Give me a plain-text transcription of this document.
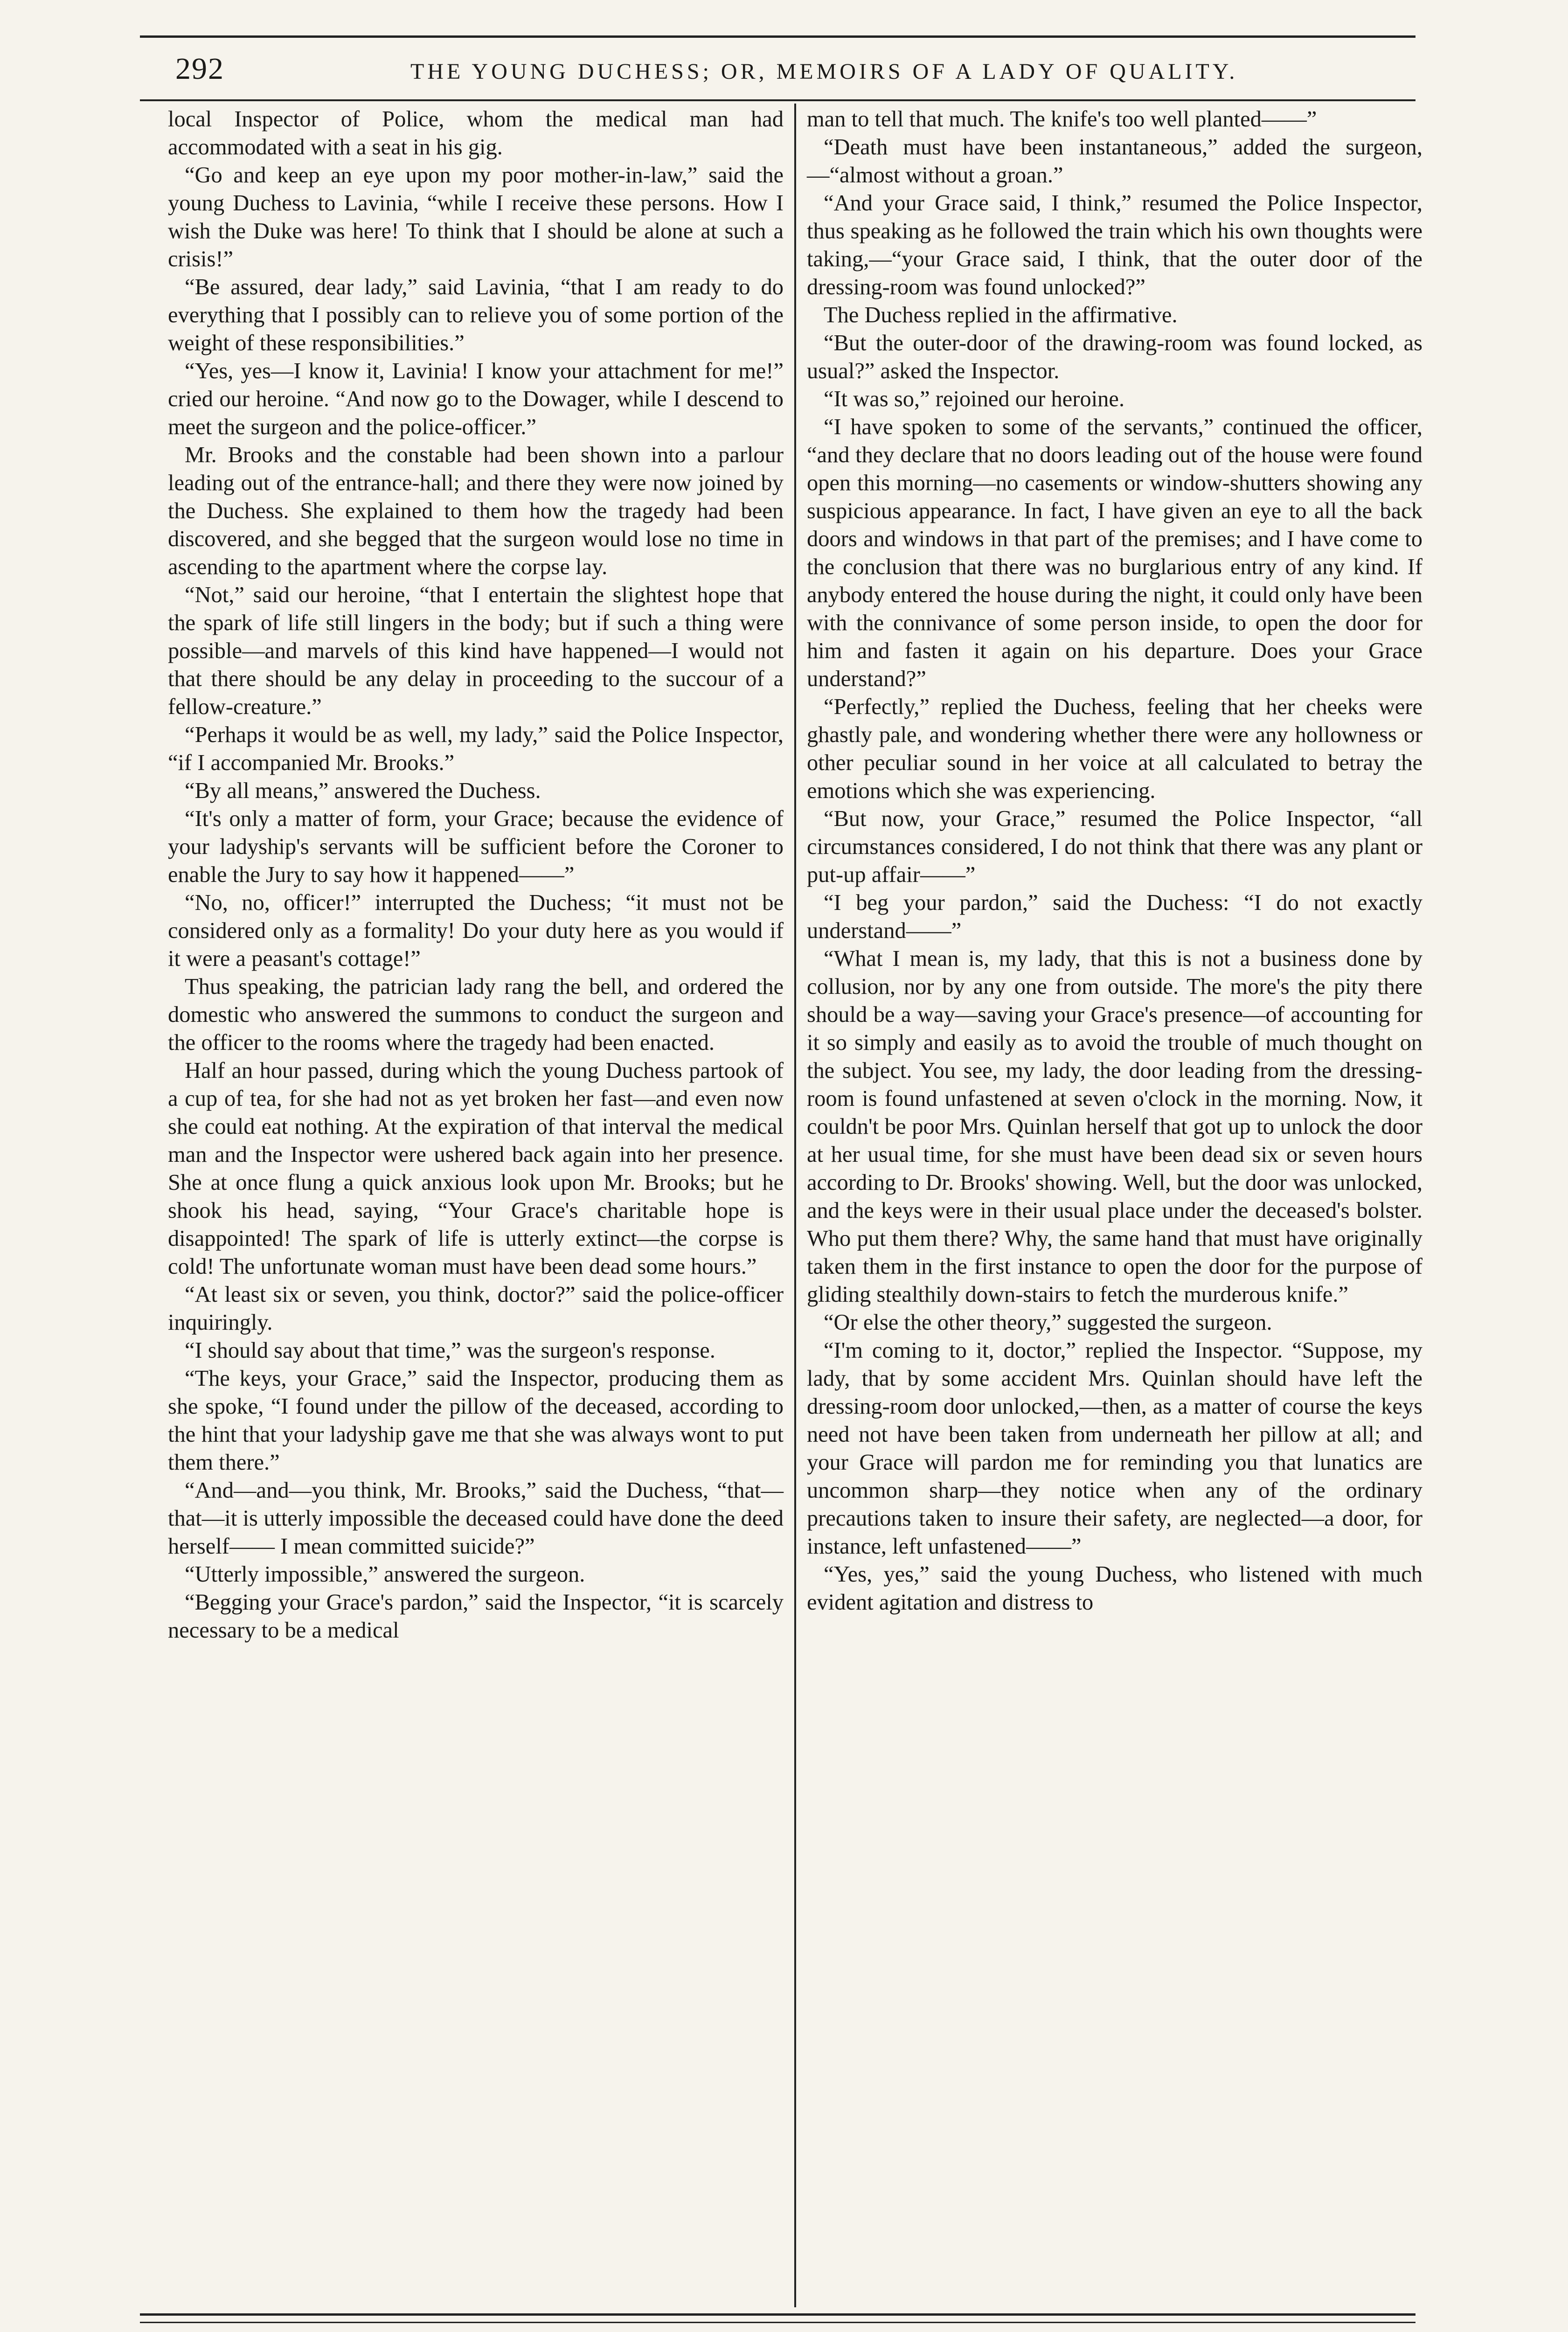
292	THE YOUNG DUCHESS; OR, MEMOIRS OF A LADY OF QUALITY.

local Inspector of Police, whom the medical man had accommodated with a seat in his gig.

“Go and keep an eye upon my poor mother-in-law,” said the young Duchess to Lavinia, “while I receive these persons. How I wish the Duke was here! To think that I should be alone at such a crisis!”

“Be assured, dear lady,” said Lavinia, “that I am ready to do everything that I possibly can to relieve you of some portion of the weight of these responsibilities.”

“Yes, yes—I know it, Lavinia! I know your attachment for me!” cried our heroine. “And now go to the Dowager, while I descend to meet the surgeon and the police-officer.”

Mr. Brooks and the constable had been shown into a parlour leading out of the entrance-hall; and there they were now joined by the Duchess. She explained to them how the tragedy had been discovered, and she begged that the surgeon would lose no time in ascending to the apartment where the corpse lay.

“Not,” said our heroine, “that I entertain the slightest hope that the spark of life still lingers in the body; but if such a thing were possible—and marvels of this kind have happened—I would not that there should be any delay in proceeding to the succour of a fellow-creature.”

“Perhaps it would be as well, my lady,” said the Police Inspector, “if I accompanied Mr. Brooks.”

“By all means,” answered the Duchess.

“It's only a matter of form, your Grace; because the evidence of your ladyship's servants will be sufficient before the Coroner to enable the Jury to say how it happened——”

“No, no, officer!” interrupted the Duchess; “it must not be considered only as a formality! Do your duty here as you would if it were a peasant's cottage!”

Thus speaking, the patrician lady rang the bell, and ordered the domestic who answered the summons to conduct the surgeon and the officer to the rooms where the tragedy had been enacted.

Half an hour passed, during which the young Duchess partook of a cup of tea, for she had not as yet broken her fast—and even now she could eat nothing. At the expiration of that interval the medical man and the Inspector were ushered back again into her presence. She at once flung a quick anxious look upon Mr. Brooks; but he shook his head, saying, “Your Grace's charitable hope is disappointed! The spark of life is utterly extinct—the corpse is cold! The unfortunate woman must have been dead some hours.”

“At least six or seven, you think, doctor?” said the police-officer inquiringly.

“I should say about that time,” was the surgeon's response.

“The keys, your Grace,” said the Inspector, producing them as she spoke, “I found under the pillow of the deceased, according to the hint that your ladyship gave me that she was always wont to put them there.”

“And—and—you think, Mr. Brooks,” said the Duchess, “that—that—it is utterly impossible the deceased could have done the deed herself—— I mean committed suicide?”

“Utterly impossible,” answered the surgeon.

“Begging your Grace's pardon,” said the Inspector, “it is scarcely necessary to be a medical

man to tell that much. The knife's too well planted——”

“Death must have been instantaneous,” added the surgeon,—“almost without a groan.”

“And your Grace said, I think,” resumed the Police Inspector, thus speaking as he followed the train which his own thoughts were taking,—“your Grace said, I think, that the outer door of the dressing-room was found unlocked?”

The Duchess replied in the affirmative.

“But the outer-door of the drawing-room was found locked, as usual?” asked the Inspector.

“It was so,” rejoined our heroine.

“I have spoken to some of the servants,” continued the officer, “and they declare that no doors leading out of the house were found open this morning—no casements or window-shutters showing any suspicious appearance. In fact, I have given an eye to all the back doors and windows in that part of the premises; and I have come to the conclusion that there was no burglarious entry of any kind. If anybody entered the house during the night, it could only have been with the connivance of some person inside, to open the door for him and fasten it again on his departure. Does your Grace understand?”

“Perfectly,” replied the Duchess, feeling that her cheeks were ghastly pale, and wondering whether there were any hollowness or other peculiar sound in her voice at all calculated to betray the emotions which she was experiencing.

“But now, your Grace,” resumed the Police Inspector, “all circumstances considered, I do not think that there was any plant or put-up affair——”

“I beg your pardon,” said the Duchess: “I do not exactly understand——”

“What I mean is, my lady, that this is not a business done by collusion, nor by any one from outside. The more's the pity there should be a way—saving your Grace's presence—of accounting for it so simply and easily as to avoid the trouble of much thought on the subject. You see, my lady, the door leading from the dressing-room is found unfastened at seven o'clock in the morning. Now, it couldn't be poor Mrs. Quinlan herself that got up to unlock the door at her usual time, for she must have been dead six or seven hours according to Dr. Brooks' showing. Well, but the door was unlocked, and the keys were in their usual place under the deceased's bolster. Who put them there? Why, the same hand that must have originally taken them in the first instance to open the door for the purpose of gliding stealthily down-stairs to fetch the murderous knife.”

“Or else the other theory,” suggested the surgeon.

“I'm coming to it, doctor,” replied the Inspector. “Suppose, my lady, that by some accident Mrs. Quinlan should have left the dressing-room door unlocked,—then, as a matter of course the keys need not have been taken from underneath her pillow at all; and your Grace will pardon me for reminding you that lunatics are uncommon sharp—they notice when any of the ordinary precautions taken to insure their safety, are neglected—a door, for instance, left unfastened——”

“Yes, yes,” said the young Duchess, who listened with much evident agitation and distress to
